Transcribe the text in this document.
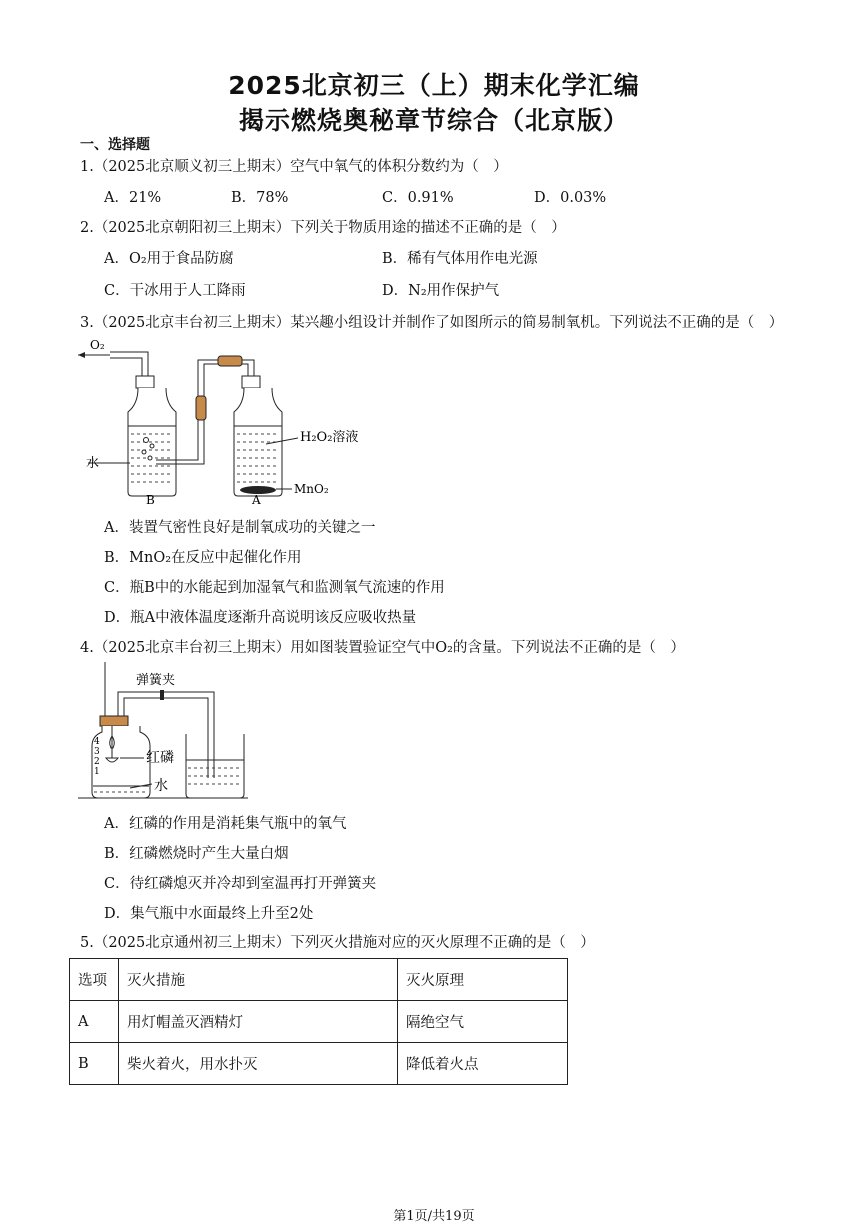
2025北京初三（上）期末化学汇编
揭示燃烧奥秘章节综合（北京版）
一、选择题
1.（2025北京顺义初三上期末）空气中氧气的体积分数约为（　）
A．21%	B．78%	C．0.91%	D．0.03%
2.（2025北京朝阳初三上期末）下列关于物质用途的描述不正确的是（　）
A．O₂用于食品防腐	B．稀有气体用作电光源
C．干冰用于人工降雨	D．N₂用作保护气
3.（2025北京丰台初三上期末）某兴趣小组设计并制作了如图所示的简易制氧机。下列说法不正确的是（　）
O₂
水
B	A
H₂O₂溶液
MnO₂
A．装置气密性良好是制氧成功的关键之一
B．MnO₂在反应中起催化作用
C．瓶B中的水能起到加湿氧气和监测氧气流速的作用
D．瓶A中液体温度逐渐升高说明该反应吸收热量
4.（2025北京丰台初三上期末）用如图装置验证空气中O₂的含量。下列说法不正确的是（　）
4
3
2
1
弹簧夹
红磷
水
A．红磷的作用是消耗集气瓶中的氧气
B．红磷燃烧时产生大量白烟
C．待红磷熄灭并冷却到室温再打开弹簧夹
D．集气瓶中水面最终上升至2处
5.（2025北京通州初三上期末）下列灭火措施对应的灭火原理不正确的是（　）
选项	灭火措施	灭火原理
A	用灯帽盖灭酒精灯	隔绝空气
B	柴火着火，用水扑灭	降低着火点
第1页/共19页
